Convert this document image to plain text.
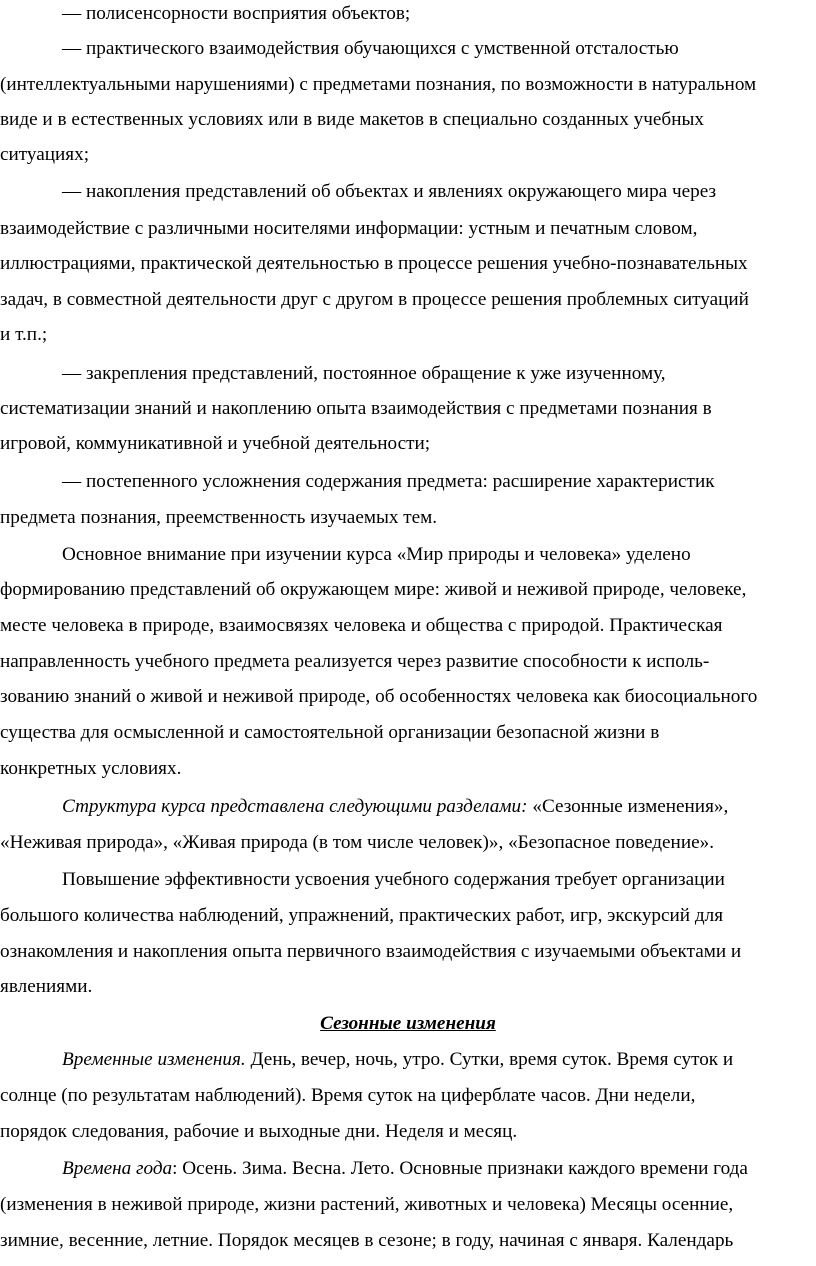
— полисенсорности восприятия объектов;
— практического взаимодействия обучающихся с умственной отсталостью
(интеллектуальными нарушениями) с предметами познания, по возможности в натуральном
виде и в естественных условиях или в виде макетов в специально созданных учебных
ситуациях;
— накопления представлений об объектах и явлениях окружающего мира через
взаимодействие с различными носителями информации: устным и печатным словом,
иллюстрациями, практической деятельностью в процессе решения учебно-познавательных
задач, в совместной деятельности друг с другом в процессе решения проблемных ситуаций
и т.п.;
— закрепления представлений, постоянное обращение к уже изученному,
систематизации знаний и накоплению опыта взаимодействия с предметами познания в
игровой, коммуникативной и учебной деятельности;
— постепенного усложнения содержания предмета: расширение характеристик
предмета познания, преемственность изучаемых тем.
Основное внимание при изучении курса «Мир природы и человека» уделено
формированию представлений об окружающем мире: живой и неживой природе, человеке,
месте человека в природе, взаимосвязях человека и общества с природой. Практическая
направленность учебного предмета реализуется через развитие способности к исполь-
зованию знаний о живой и неживой природе, об особенностях человека как биосоциального
существа для осмысленной и самостоятельной организации безопасной жизни в
конкретных условиях.
Структура курса представлена следующими разделами: «Сезонные изменения»,
«Неживая природа», «Живая природа (в том числе человек)», «Безопасное поведение».
Повышение эффективности усвоения учебного содержания требует организации
большого количества наблюдений, упражнений, практических работ, игр, экскурсий для
ознакомления и накопления опыта первичного взаимодействия с изучаемыми объектами и
явлениями.
Сезонные изменения
Временные изменения. День, вечер, ночь, утро. Сутки, время суток. Время суток и
солнце (по результатам наблюдений). Время суток на циферблате часов. Дни недели,
порядок следования, рабочие и выходные дни. Неделя и месяц.
Времена года: Осень. Зима. Весна. Лето. Основные признаки каждого времени года
(изменения в неживой природе, жизни растений, животных и человека) Месяцы осенние,
зимние, весенние, летние. Порядок месяцев в сезоне; в году, начиная с января. Календарь
